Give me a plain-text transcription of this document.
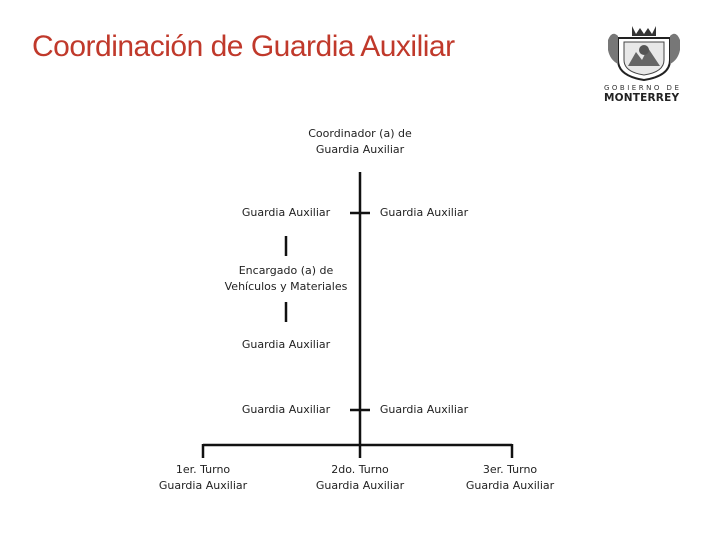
Coordinación de Guardia Auxiliar
GOBIERNO DE
MONTERREY
Coordinador (a) de
Guardia Auxiliar
Guardia Auxiliar	Guardia Auxiliar
Encargado (a) de
Vehículos y Materiales
Guardia Auxiliar
Guardia Auxiliar	Guardia Auxiliar
1er. Turno
Guardia Auxiliar
2do. Turno
Guardia Auxiliar
3er. Turno
Guardia Auxiliar
